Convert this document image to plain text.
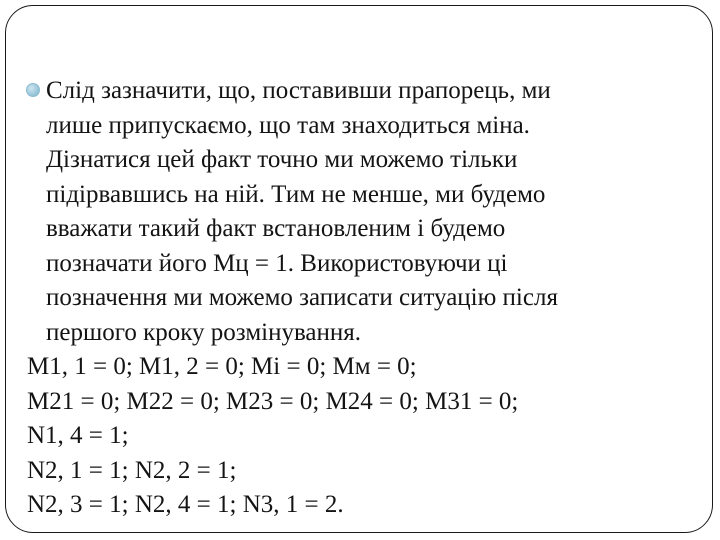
Слід зазначити, що, поставивши прапорець, ми
лише припускаємо, що там знаходиться міна.
Дізнатися цей факт точно ми можемо тільки
підірвавшись на ній. Тим не менше, ми будемо
вважати такий факт встановленим і будемо
позначати його Мц = 1. Використовуючи ці
позначення ми можемо записати ситуацію після
першого кроку розмінування.

M1, 1 = 0; M1, 2 = 0; Mi = 0; Mм = 0;

M21 = 0; M22 = 0; M23 = 0; M24 = 0; M31 = 0;

N1, 4 = 1;

N2, 1 = 1; N2, 2 = 1;

N2, 3 = 1; N2, 4 = 1; N3, 1 = 2.
